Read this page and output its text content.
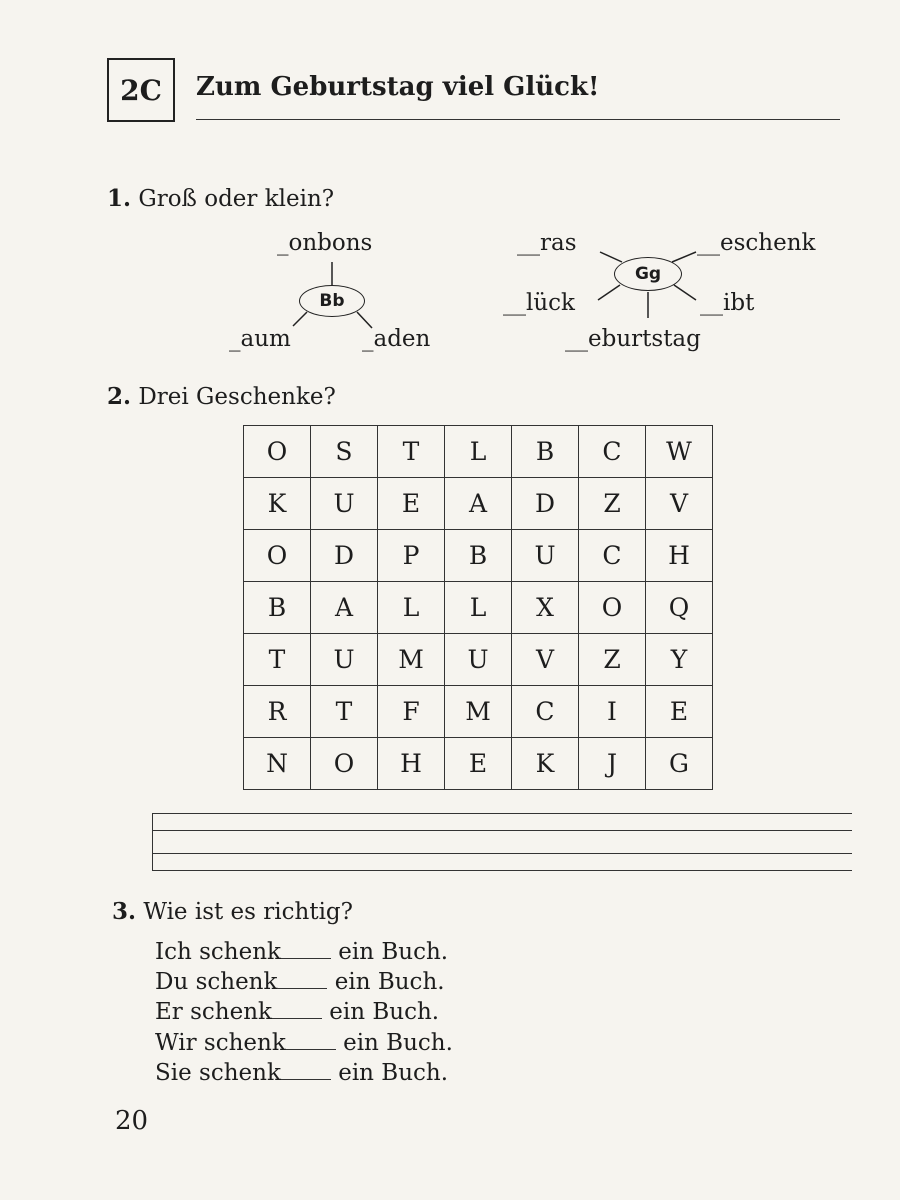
2C	Zum Geburtstag viel Glück!
1. Groß oder klein?
Bb
Gg
_onbons
_aum	_aden
__ras	__eschenk
__lück	__ibt
__eburtstag
2. Drei Geschenke?
O	S	T	L	B	C	W
K	U	E	A	D	Z	V
O	D	P	B	U	C	H
B	A	L	L	X	O	Q
T	U	M	U	V	Z	Y
R	T	F	M	C	I	E
N	O	H	E	K	J	G
3. Wie ist es richtig?
Ich schenk ein Buch.
Du schenk ein Buch.
Er schenk ein Buch.
Wir schenk ein Buch.
Sie schenk ein Buch.
20
